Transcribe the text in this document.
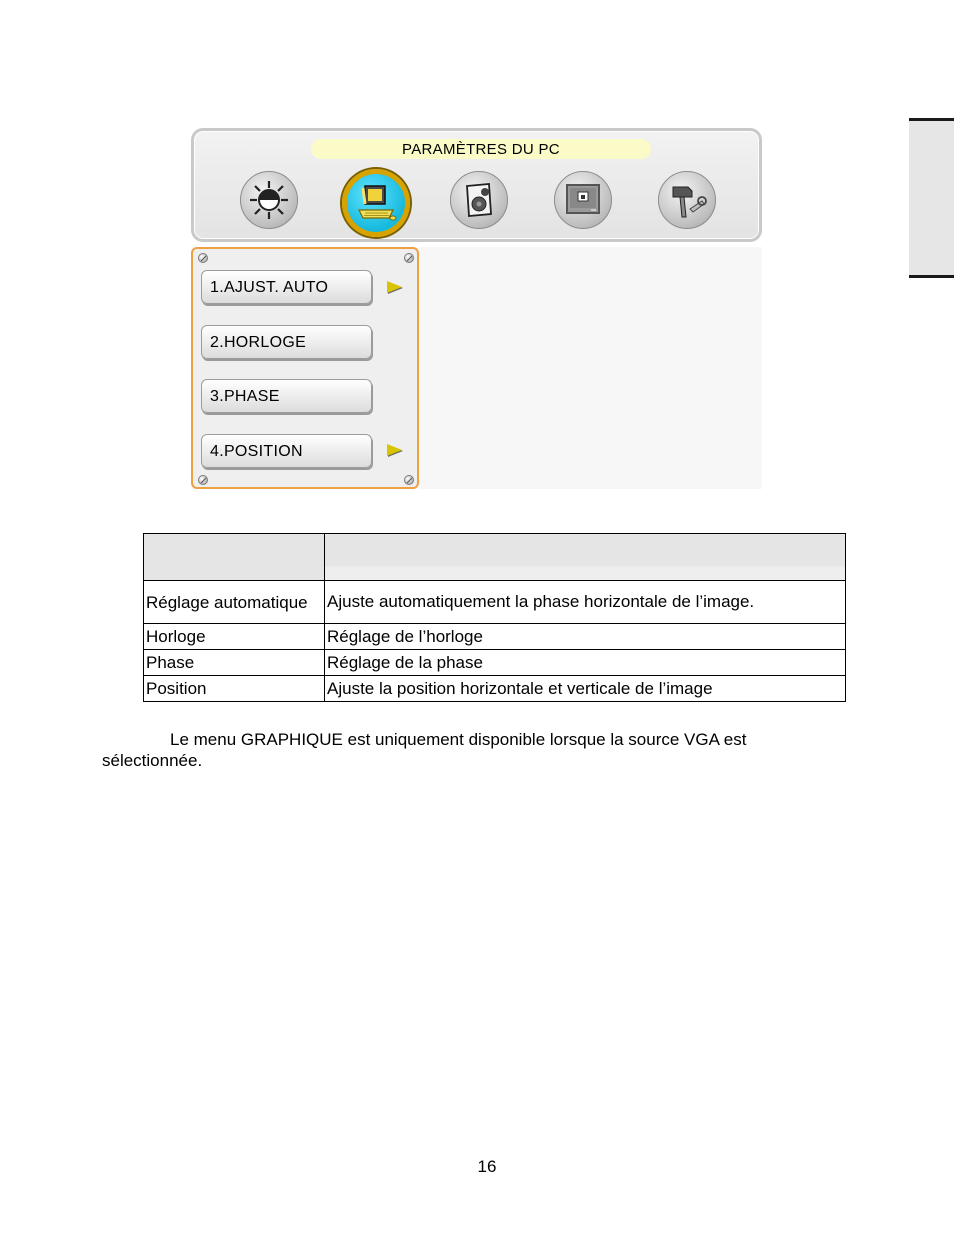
PARAMÈTRES DU PC
1.AJUST. AUTO
2.HORLOGE
3.PHASE
4.POSITION

Réglage automatique	Ajuste automatiquement la phase horizontale de l’image.
Horloge	Réglage de l’horloge
Phase	Réglage de la phase
Position	Ajuste la position horizontale et verticale de l’image
Le menu GRAPHIQUE est uniquement disponible lorsque la source VGA est sélectionnée.
16
